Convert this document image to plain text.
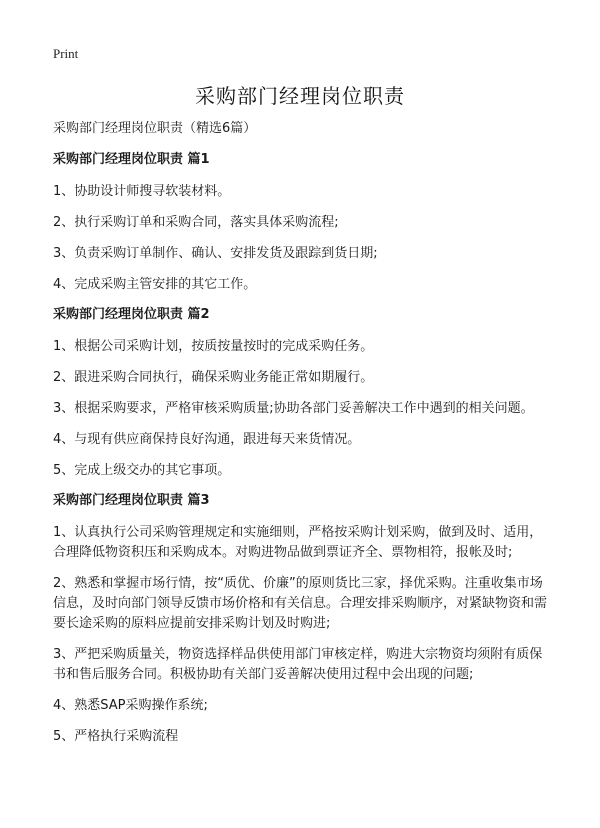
Print
采购部门经理岗位职责
采购部门经理岗位职责（精选6篇）
采购部门经理岗位职责 篇1
1、协助设计师搜寻软装材料。
2、执行采购订单和采购合同，落实具体采购流程;
3、负责采购订单制作、确认、安排发货及跟踪到货日期;
4、完成采购主管安排的其它工作。
采购部门经理岗位职责 篇2
1、根据公司采购计划，按质按量按时的完成采购任务。
2、跟进采购合同执行，确保采购业务能正常如期履行。
3、根据采购要求，严格审核采购质量;协助各部门妥善解决工作中遇到的相关问题。
4、与现有供应商保持良好沟通，跟进每天来货情况。
5、完成上级交办的其它事项。
采购部门经理岗位职责 篇3
1、认真执行公司采购管理规定和实施细则，严格按采购计划采购，做到及时、适用，合理降低物资积压和采购成本。对购进物品做到票证齐全、票物相符，报帐及时;
2、熟悉和掌握市场行情，按“质优、价廉”的原则货比三家，择优采购。注重收集市场信息，及时向部门领导反馈市场价格和有关信息。合理安排采购顺序，对紧缺物资和需要长途采购的原料应提前安排采购计划及时购进;
3、严把采购质量关，物资选择样品供使用部门审核定样，购进大宗物资均须附有质保书和售后服务合同。积极协助有关部门妥善解决使用过程中会出现的问题;
4、熟悉SAP采购操作系统;
5、严格执行采购流程
